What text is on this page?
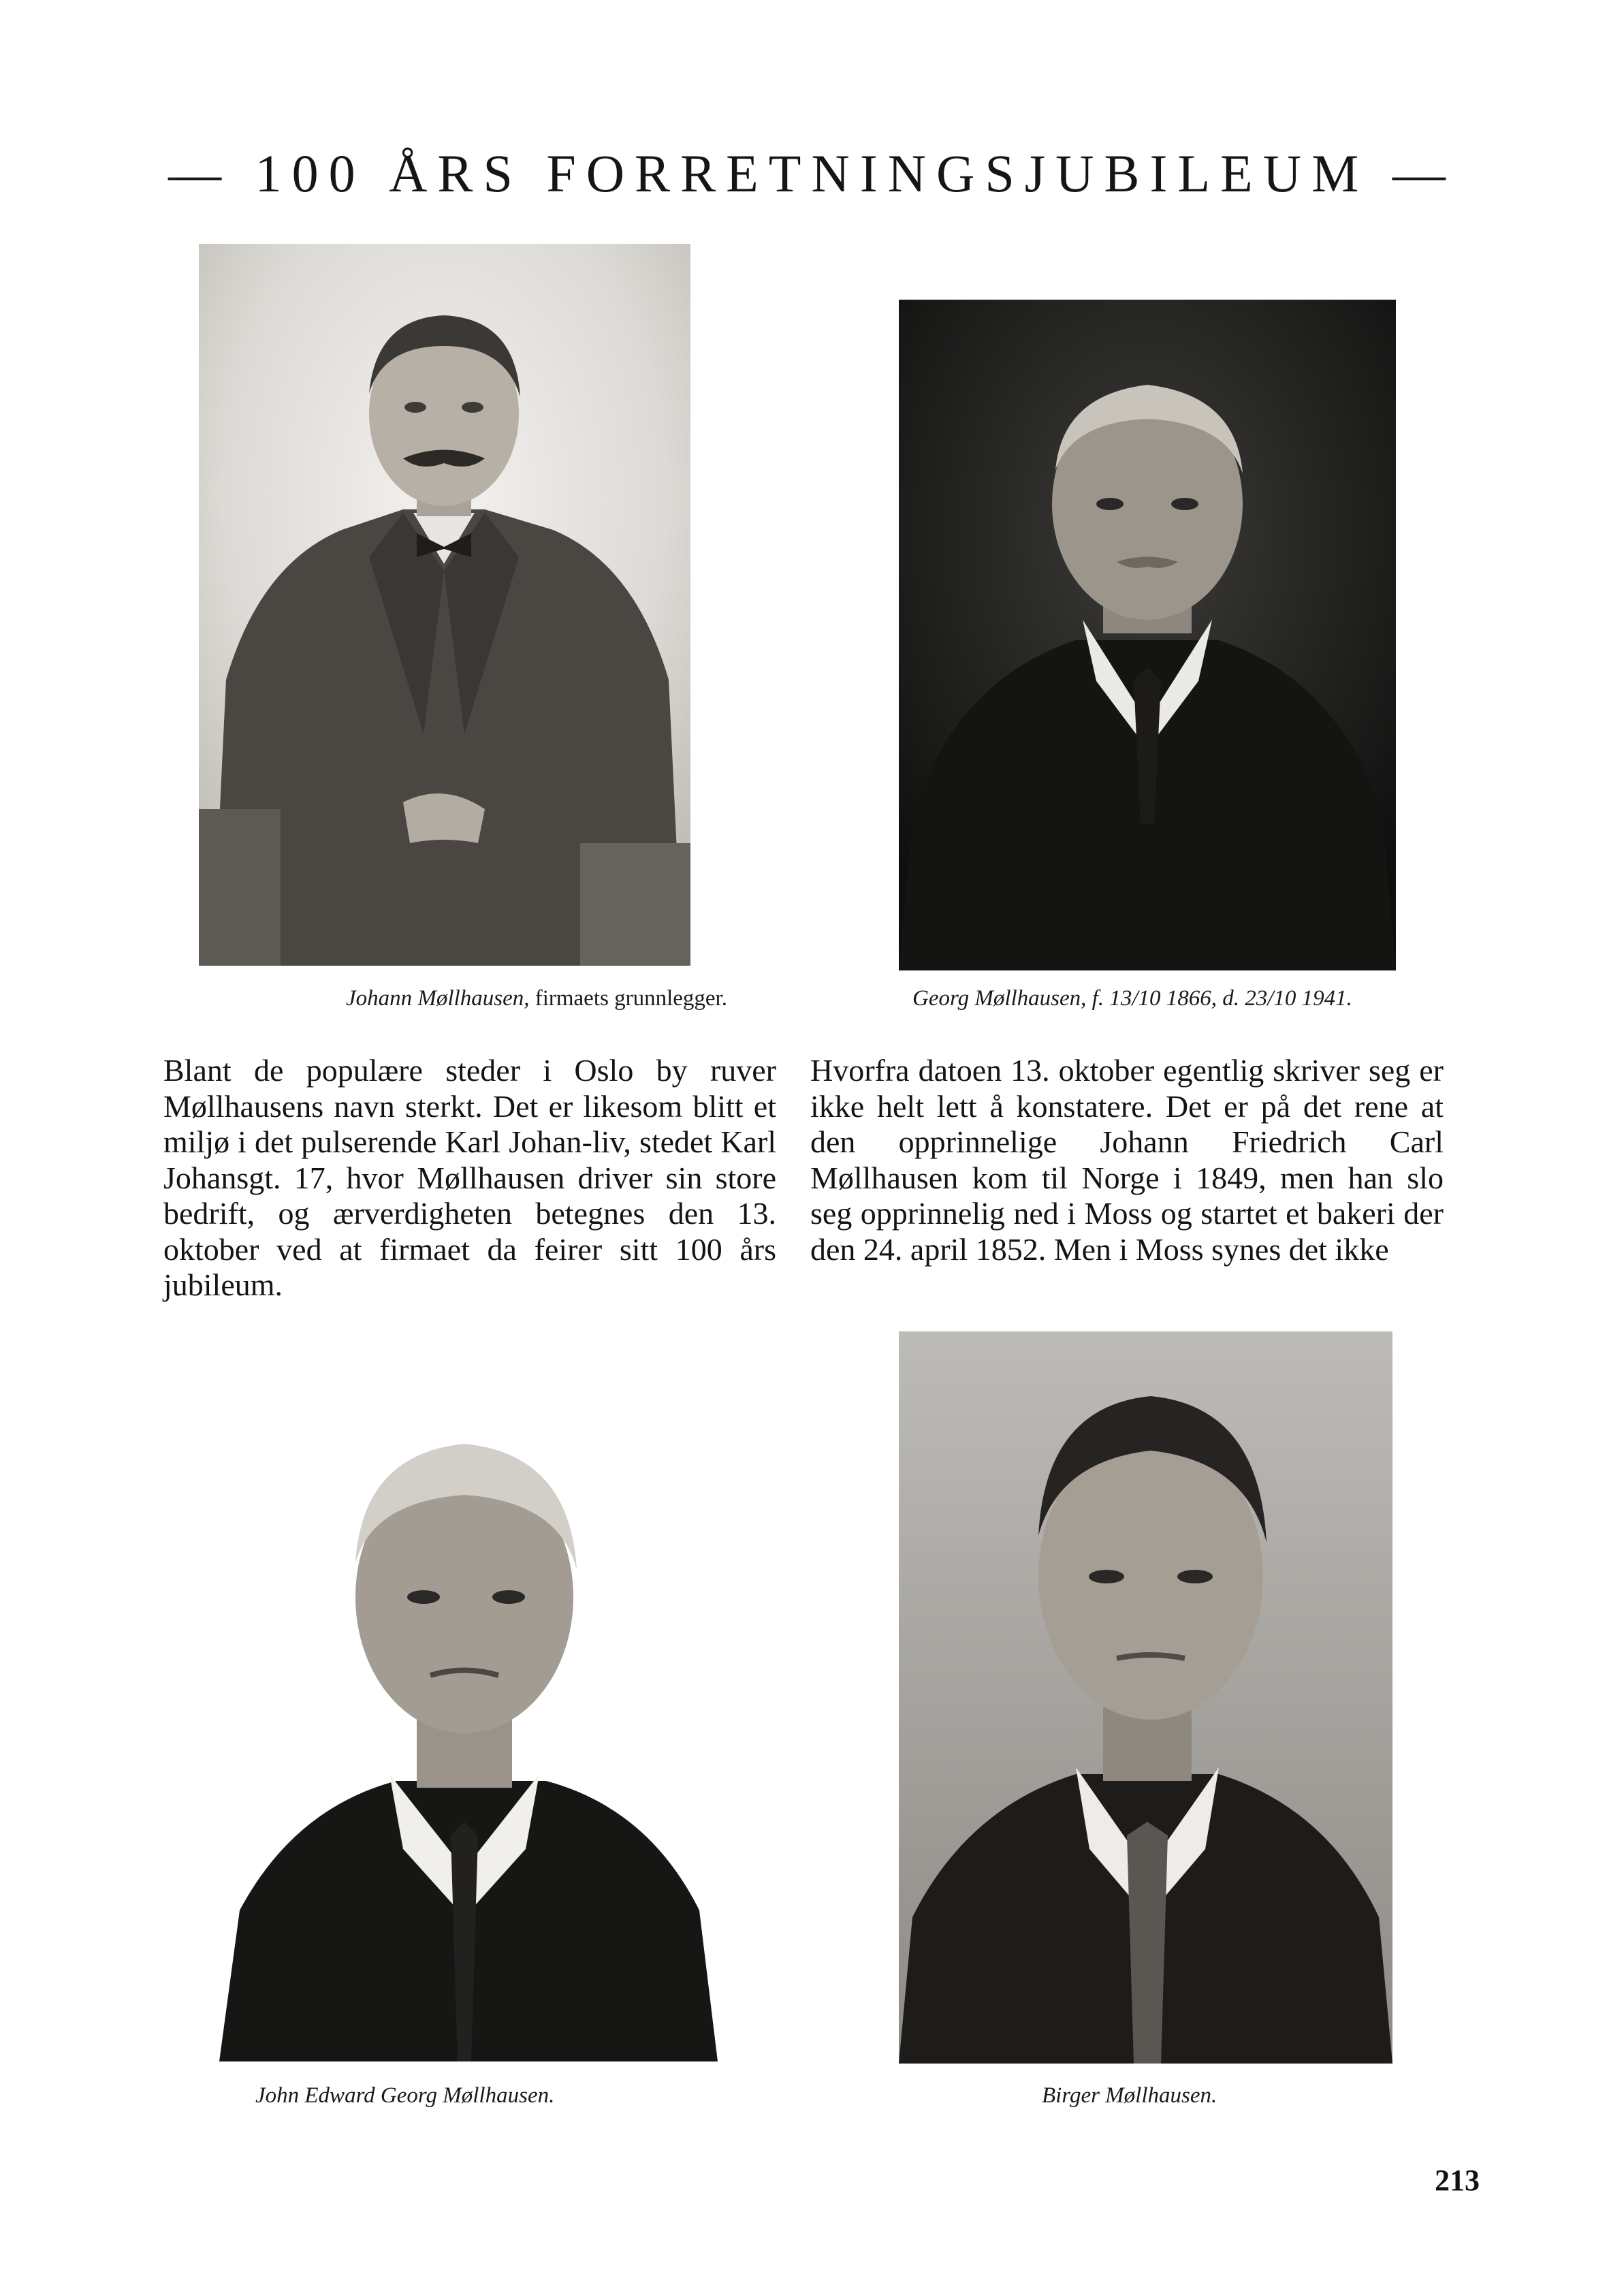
— 100 ÅRS FORRETNINGSJUBILEUM —
Johann Møllhausen, firmaets grunnlegger.	Georg Møllhausen, f. 13/10 1866, d. 23/10 1941.

Blant de populære steder i Oslo by ruver Møllhausens navn sterkt. Det er likesom blitt et miljø i det pulserende Karl Johan-liv, stedet Karl Johansgt. 17, hvor Møllhausen driver sin store bedrift, og ærverdigheten betegnes den 13. oktober ved at firmaet da feirer sitt 100 års jubileum.

Hvorfra datoen 13. oktober egentlig skriver seg er ikke helt lett å konstatere. Det er på det rene at den opprinnelige Johann Friedrich Carl Møllhausen kom til Norge i 1849, men han slo seg opprinnelig ned i Moss og startet et bakeri der den 24. april 1852. Men i Moss synes det ikke

John Edward Georg Møllhausen.	Birger Møllhausen.
213
